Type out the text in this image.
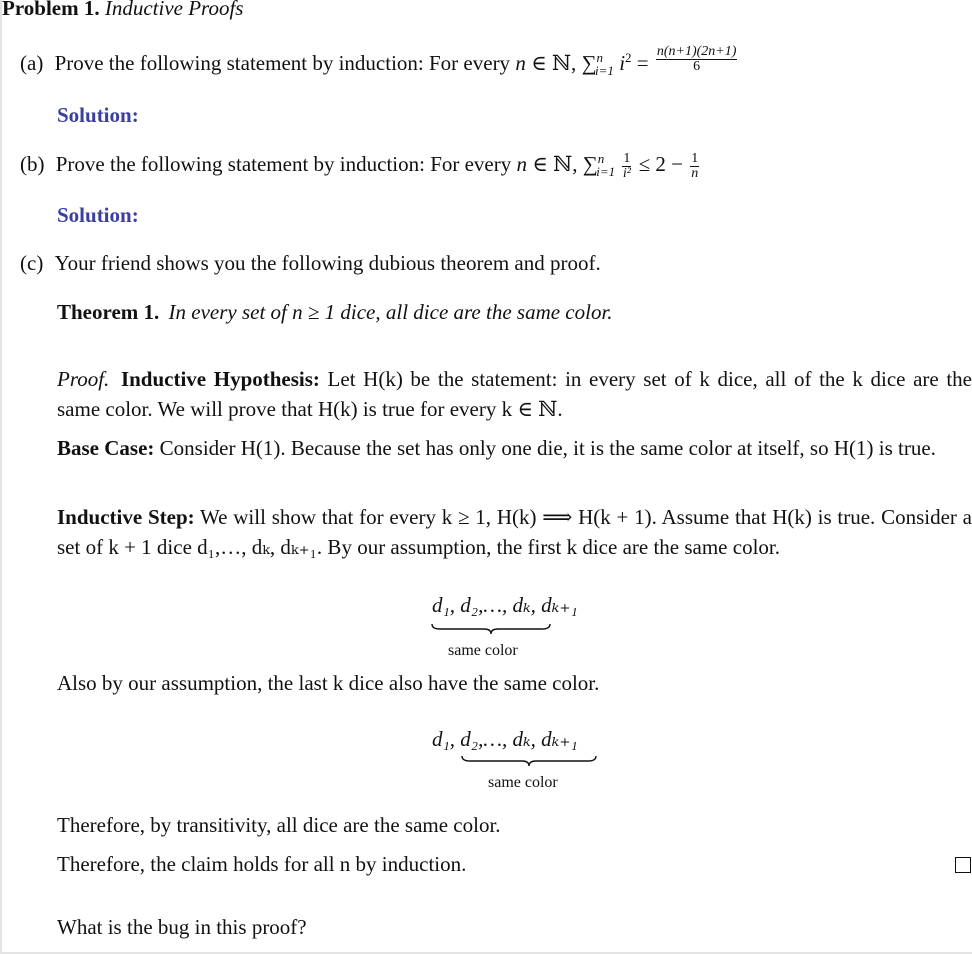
Problem 1. Inductive Proofs
(a) Prove the following statement by induction: For every n ∈ ℕ, ∑$^n_{i=1}$ $i^2 = \frac{n(n+1)(2n+1)}{6}$
Solution:
(b) Prove the following statement by induction: For every n ∈ ℕ, $\sum^n_{i=1} \frac{1}{\text{i²}} \le 2 - \frac{1}{n}$
Solution:
(c) Your friend shows you the following dubious theorem and proof.
Theorem 1. In every set of n ≥ 1 dice, all dice are the same color.
Proof. Inductive Hypothesis: Let H(k) be the statement: in every set of k dice, all of the k dice are the same color. We will prove that H(k) is true for every k ∈ ℕ.
Base Case: Consider H(1). Because the set has only one die, it is the same color at itself, so H(1) is true.
Inductive Step: We will show that for every k ≥ 1, H(k) ⟹ H(k + 1). Assume that H(k) is true. Consider a set of k + 1 dice d₁,…, dₖ, dₖ₊₁. By our assumption, the first k dice are the same color.
d₁, d₂,…, dₖ, dₖ₊₁
same color
Also by our assumption, the last k dice also have the same color.
d₁, d₂,…, dₖ, dₖ₊₁
same color
Therefore, by transitivity, all dice are the same color.
Therefore, the claim holds for all n by induction.
What is the bug in this proof?
